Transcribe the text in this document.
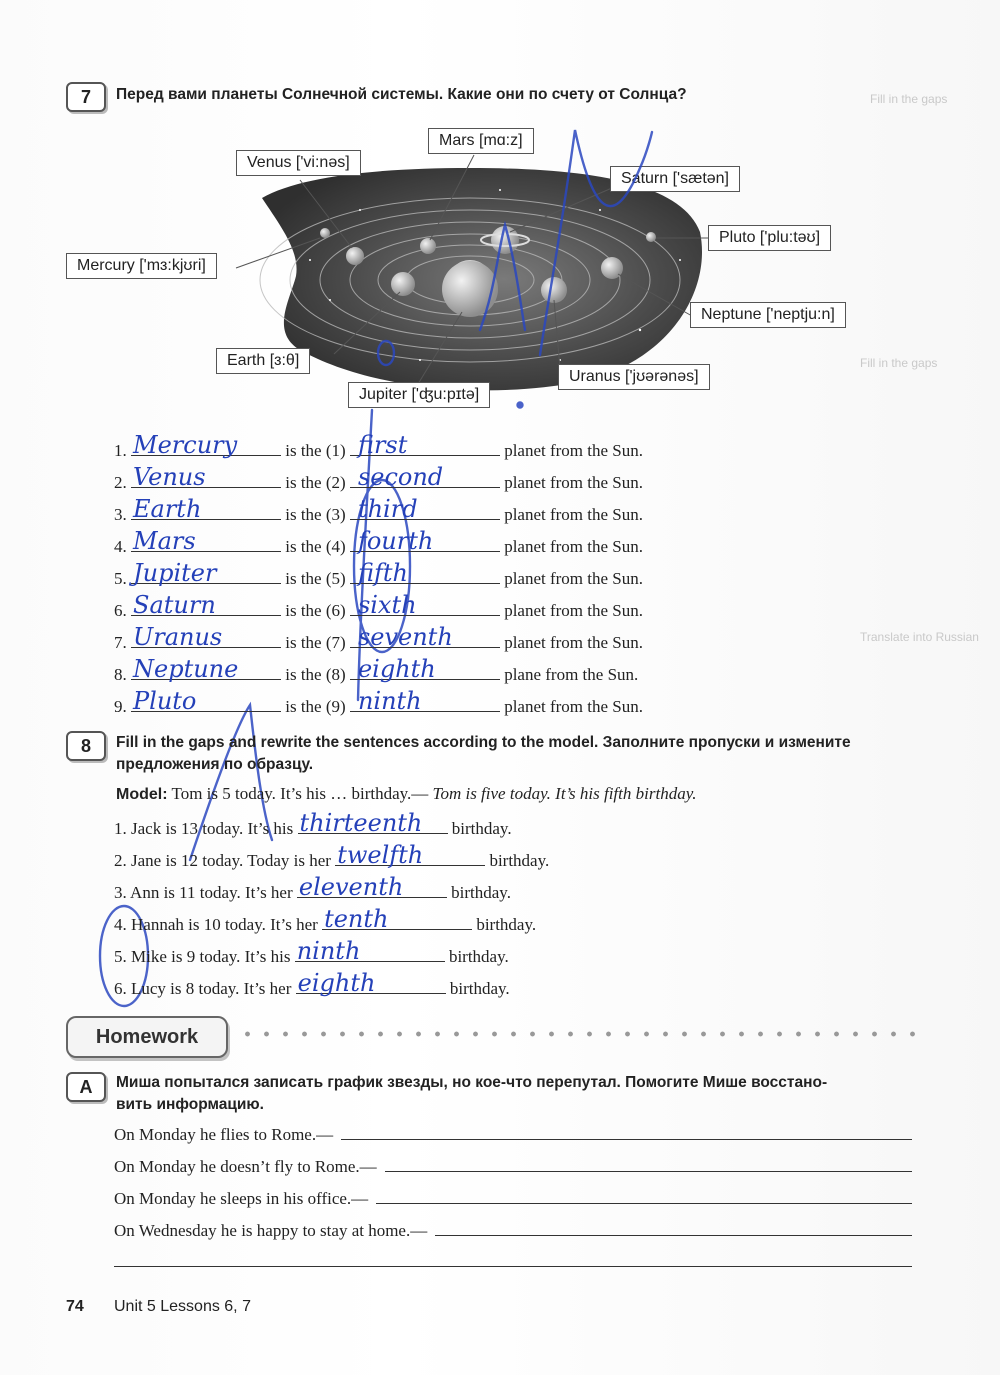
Fill in the gaps
Fill in the gaps
Translate into Russian
7	Перед вами планеты Солнечной системы. Какие они по счету от Солнца?
Mars [mɑ:z]
Venus ['vi:nəs]
Saturn ['sætən]
Pluto ['plu:təʊ]
Mercury ['mɜ:kjʊri]
Neptune ['neptju:n]
Earth [ɜ:θ]
Uranus ['jʊərənəs]
Jupiter ['ʤu:pɪtə]
1. Mercury	is the (1) first	planet from the Sun.
2. Venus	is the (2) second	planet from the Sun.
3. Earth	is the (3) third	planet from the Sun.
4. Mars	is the (4) fourth	planet from the Sun.
5. Jupiter	is the (5) fifth	planet from the Sun.
6. Saturn	is the (6) sixth	planet from the Sun.
7. Uranus	is the (7) seventh	planet from the Sun.
8. Neptune	is the (8) eighth	plane from the Sun.
9. Pluto	is the (9) ninth	planet from the Sun.
8	Fill in the gaps and rewrite the sentences according to the model. Заполните пропуски и измените
предложения по образцу.
Model: Tom is 5 today. It’s his … birthday.— Tom is five today. It’s his fifth birthday.
1. Jack is 13 today. It’s his thirteenth birthday.
2. Jane is 12 today. Today is her twelfth	birthday.
3. Ann is 11 today. It’s her eleventh	birthday.
4. Hannah is 10 today. It’s her tenth	birthday.
5. Mike is 9 today. It’s his ninth	birthday.
6. Lucy is 8 today. It’s her eighth	birthday.
Homework
A	Миша попытался записать график звезды, но кое-что перепутал. Помогите Мише восстано-
вить информацию.
On Monday he flies to Rome.—
On Monday he doesn’t fly to Rome.—
On Monday he sleeps in his office.—
On Wednesday he is happy to stay at home.—
74 Unit 5 Lessons 6, 7
